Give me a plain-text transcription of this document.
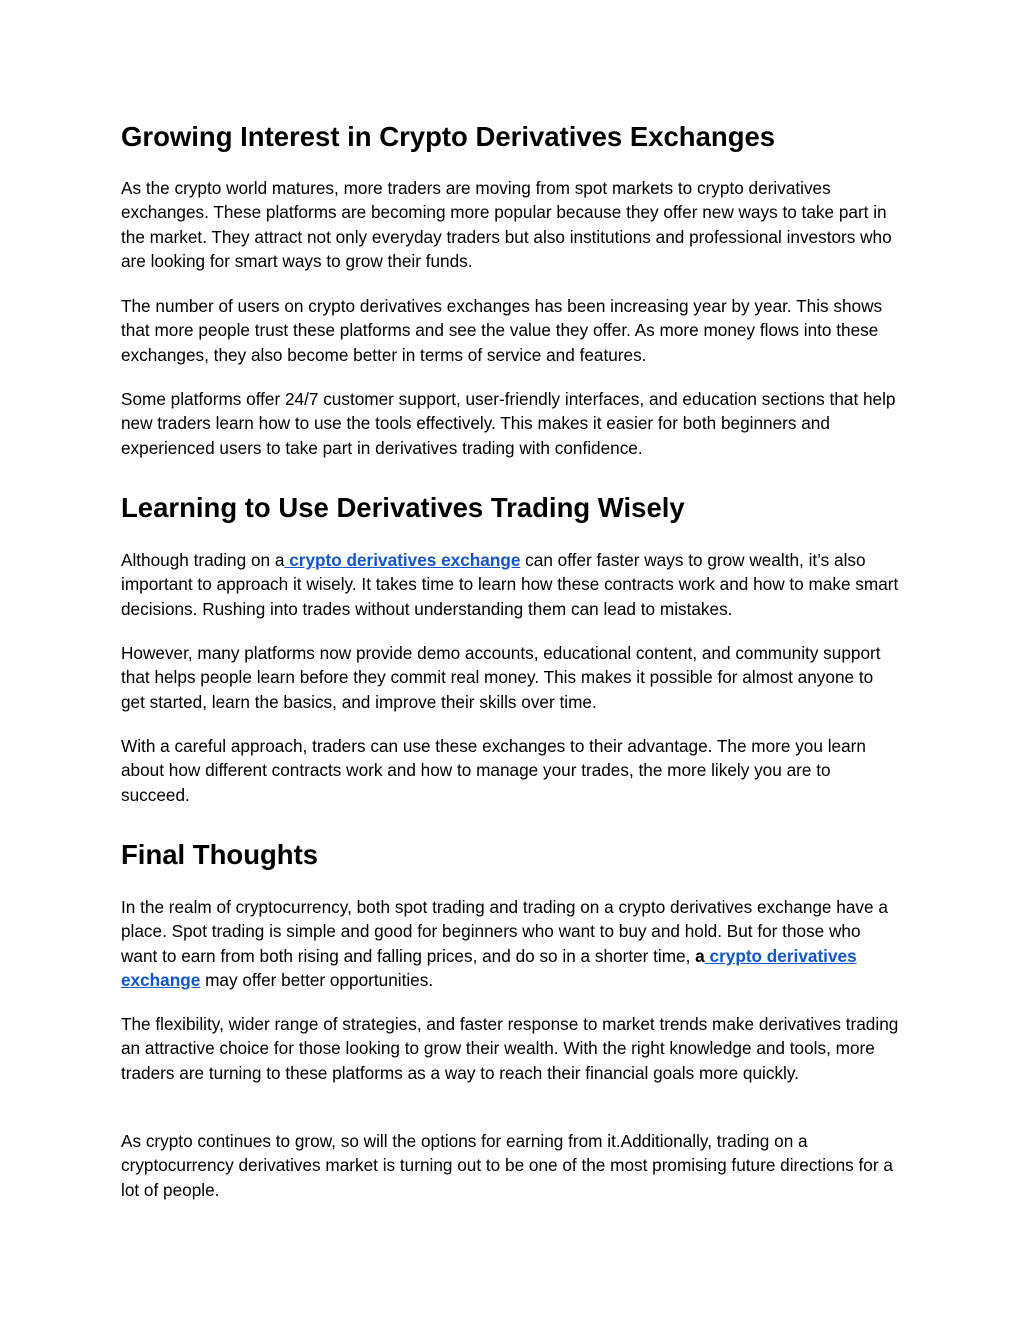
Growing Interest in Crypto Derivatives Exchanges

As the crypto world matures, more traders are moving from spot markets to crypto derivatives exchanges. These platforms are becoming more popular because they offer new ways to take part in the market. They attract not only everyday traders but also institutions and professional investors who are looking for smart ways to grow their funds.

The number of users on crypto derivatives exchanges has been increasing year by year. This shows that more people trust these platforms and see the value they offer. As more money flows into these exchanges, they also become better in terms of service and features.

Some platforms offer 24/7 customer support, user-friendly interfaces, and education sections that help new traders learn how to use the tools effectively. This makes it easier for both beginners and experienced users to take part in derivatives trading with confidence.

Learning to Use Derivatives Trading Wisely

Although trading on a crypto derivatives exchange can offer faster ways to grow wealth, it’s also important to approach it wisely. It takes time to learn how these contracts work and how to make smart decisions. Rushing into trades without understanding them can lead to mistakes.

However, many platforms now provide demo accounts, educational content, and community support that helps people learn before they commit real money. This makes it possible for almost anyone to get started, learn the basics, and improve their skills over time.

With a careful approach, traders can use these exchanges to their advantage. The more you learn about how different contracts work and how to manage your trades, the more likely you are to succeed.

Final Thoughts

In the realm of cryptocurrency, both spot trading and trading on a crypto derivatives exchange have a place. Spot trading is simple and good for beginners who want to buy and hold. But for those who want to earn from both rising and falling prices, and do so in a shorter time, a crypto derivatives exchange may offer better opportunities.

The flexibility, wider range of strategies, and faster response to market trends make derivatives trading an attractive choice for those looking to grow their wealth. With the right knowledge and tools, more traders are turning to these platforms as a way to reach their financial goals more quickly.

As crypto continues to grow, so will the options for earning from it.Additionally, trading on a cryptocurrency derivatives market is turning out to be one of the most promising future directions for a lot of people.
